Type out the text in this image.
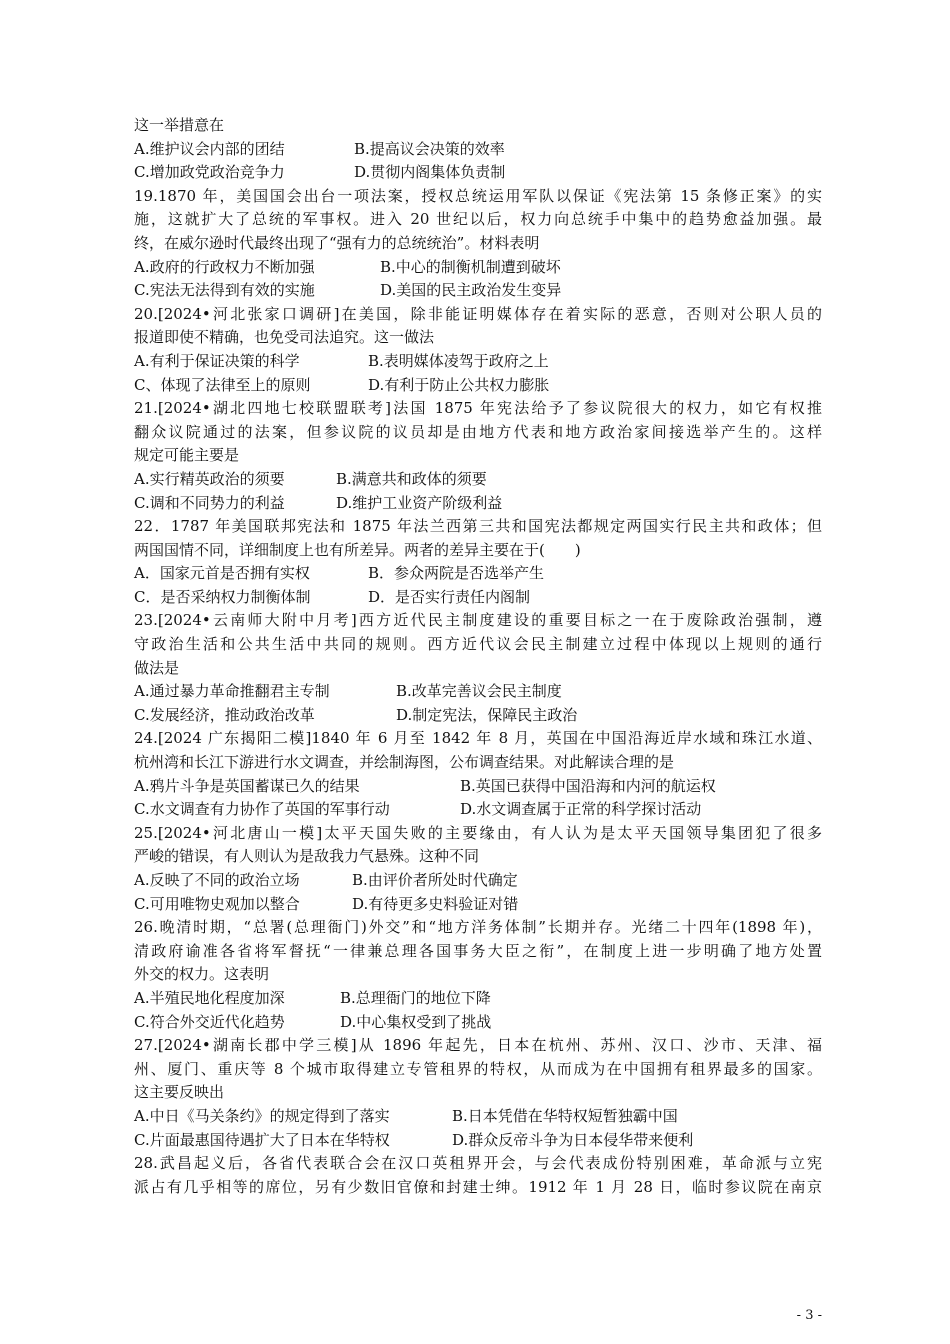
这一举措意在
A.维护议会内部的团结	B.提高议会决策的效率
C.增加政党政治竞争力	D.贯彻内阁集体负责制
19.1870 年，美国国会出台一项法案，授权总统运用军队以保证《宪法第 15 条修正案》的实
施，这就扩大了总统的军事权。进入 20 世纪以后，权力向总统手中集中的趋势愈益加强。最
终，在威尔逊时代最终出现了“强有力的总统统治”。材料表明
A.政府的行政权力不断加强	B.中心的制衡机制遭到破坏
C.宪法无法得到有效的实施	D.美国的民主政治发生变异
20.[2024•河北张家口调研]在美国，除非能证明媒体存在着实际的恶意，否则对公职人员的
报道即使不精确，也免受司法追究。这一做法
A.有利于保证决策的科学	B.表明媒体凌驾于政府之上
C、体现了法律至上的原则	D.有利于防止公共权力膨胀
21.[2024•湖北四地七校联盟联考]法国 1875 年宪法给予了参议院很大的权力，如它有权推
翻众议院通过的法案，但参议院的议员却是由地方代表和地方政治家间接选举产生的。这样
规定可能主要是
A.实行精英政治的须要	B.满意共和政体的须要
C.调和不同势力的利益	D.维护工业资产阶级利益
22．1787 年美国联邦宪法和 1875 年法兰西第三共和国宪法都规定两国实行民主共和政体；但
两国国情不同，详细制度上也有所差异。两者的差异主要在于(　　)
A．国家元首是否拥有实权	B．参众两院是否选举产生
C．是否采纳权力制衡体制	D．是否实行责任内阁制
23.[2024•云南师大附中月考]西方近代民主制度建设的重要目标之一在于废除政治强制，遵
守政治生活和公共生活中共同的规则。西方近代议会民主制建立过程中体现以上规则的通行
做法是
A.通过暴力革命推翻君主专制	B.改革完善议会民主制度
C.发展经济，推动政治改革	D.制定宪法，保障民主政治
24.[2024 广东揭阳二模]1840 年 6 月至 1842 年 8 月，英国在中国沿海近岸水域和珠江水道、
杭州湾和长江下游进行水文调查，并绘制海图，公布调查结果。对此解读合理的是
A.鸦片斗争是英国蓄谋已久的结果	B.英国已获得中国沿海和内河的航运权
C.水文调查有力协作了英国的军事行动	D.水文调查属于正常的科学探讨活动
25.[2024•河北唐山一模]太平天国失败的主要缘由，有人认为是太平天国领导集团犯了很多
严峻的错误，有人则认为是敌我力气悬殊。这种不同
A.反映了不同的政治立场	B.由评价者所处时代确定
C.可用唯物史观加以整合	D.有待更多史料验证对错
26.晚清时期，“总署(总理衙门)外交”和“地方洋务体制”长期并存。光绪二十四年(1898 年)，
清政府谕准各省将军督抚“一律兼总理各国事务大臣之衔”，在制度上进一步明确了地方处置
外交的权力。这表明
A.半殖民地化程度加深	B.总理衙门的地位下降
C.符合外交近代化趋势	D.中心集权受到了挑战
27.[2024•湖南长郡中学三模]从 1896 年起先，日本在杭州、苏州、汉口、沙市、天津、福
州、厦门、重庆等 8 个城市取得建立专管租界的特权，从而成为在中国拥有租界最多的国家。
这主要反映出
A.中日《马关条约》的规定得到了落实	B.日本凭借在华特权短暂独霸中国
C.片面最惠国待遇扩大了日本在华特权	D.群众反帝斗争为日本侵华带来便利
28.武昌起义后，各省代表联合会在汉口英租界开会，与会代表成份特别困难，革命派与立宪
派占有几乎相等的席位，另有少数旧官僚和封建士绅。1912 年 1 月 28 日，临时参议院在南京
- 3 -
